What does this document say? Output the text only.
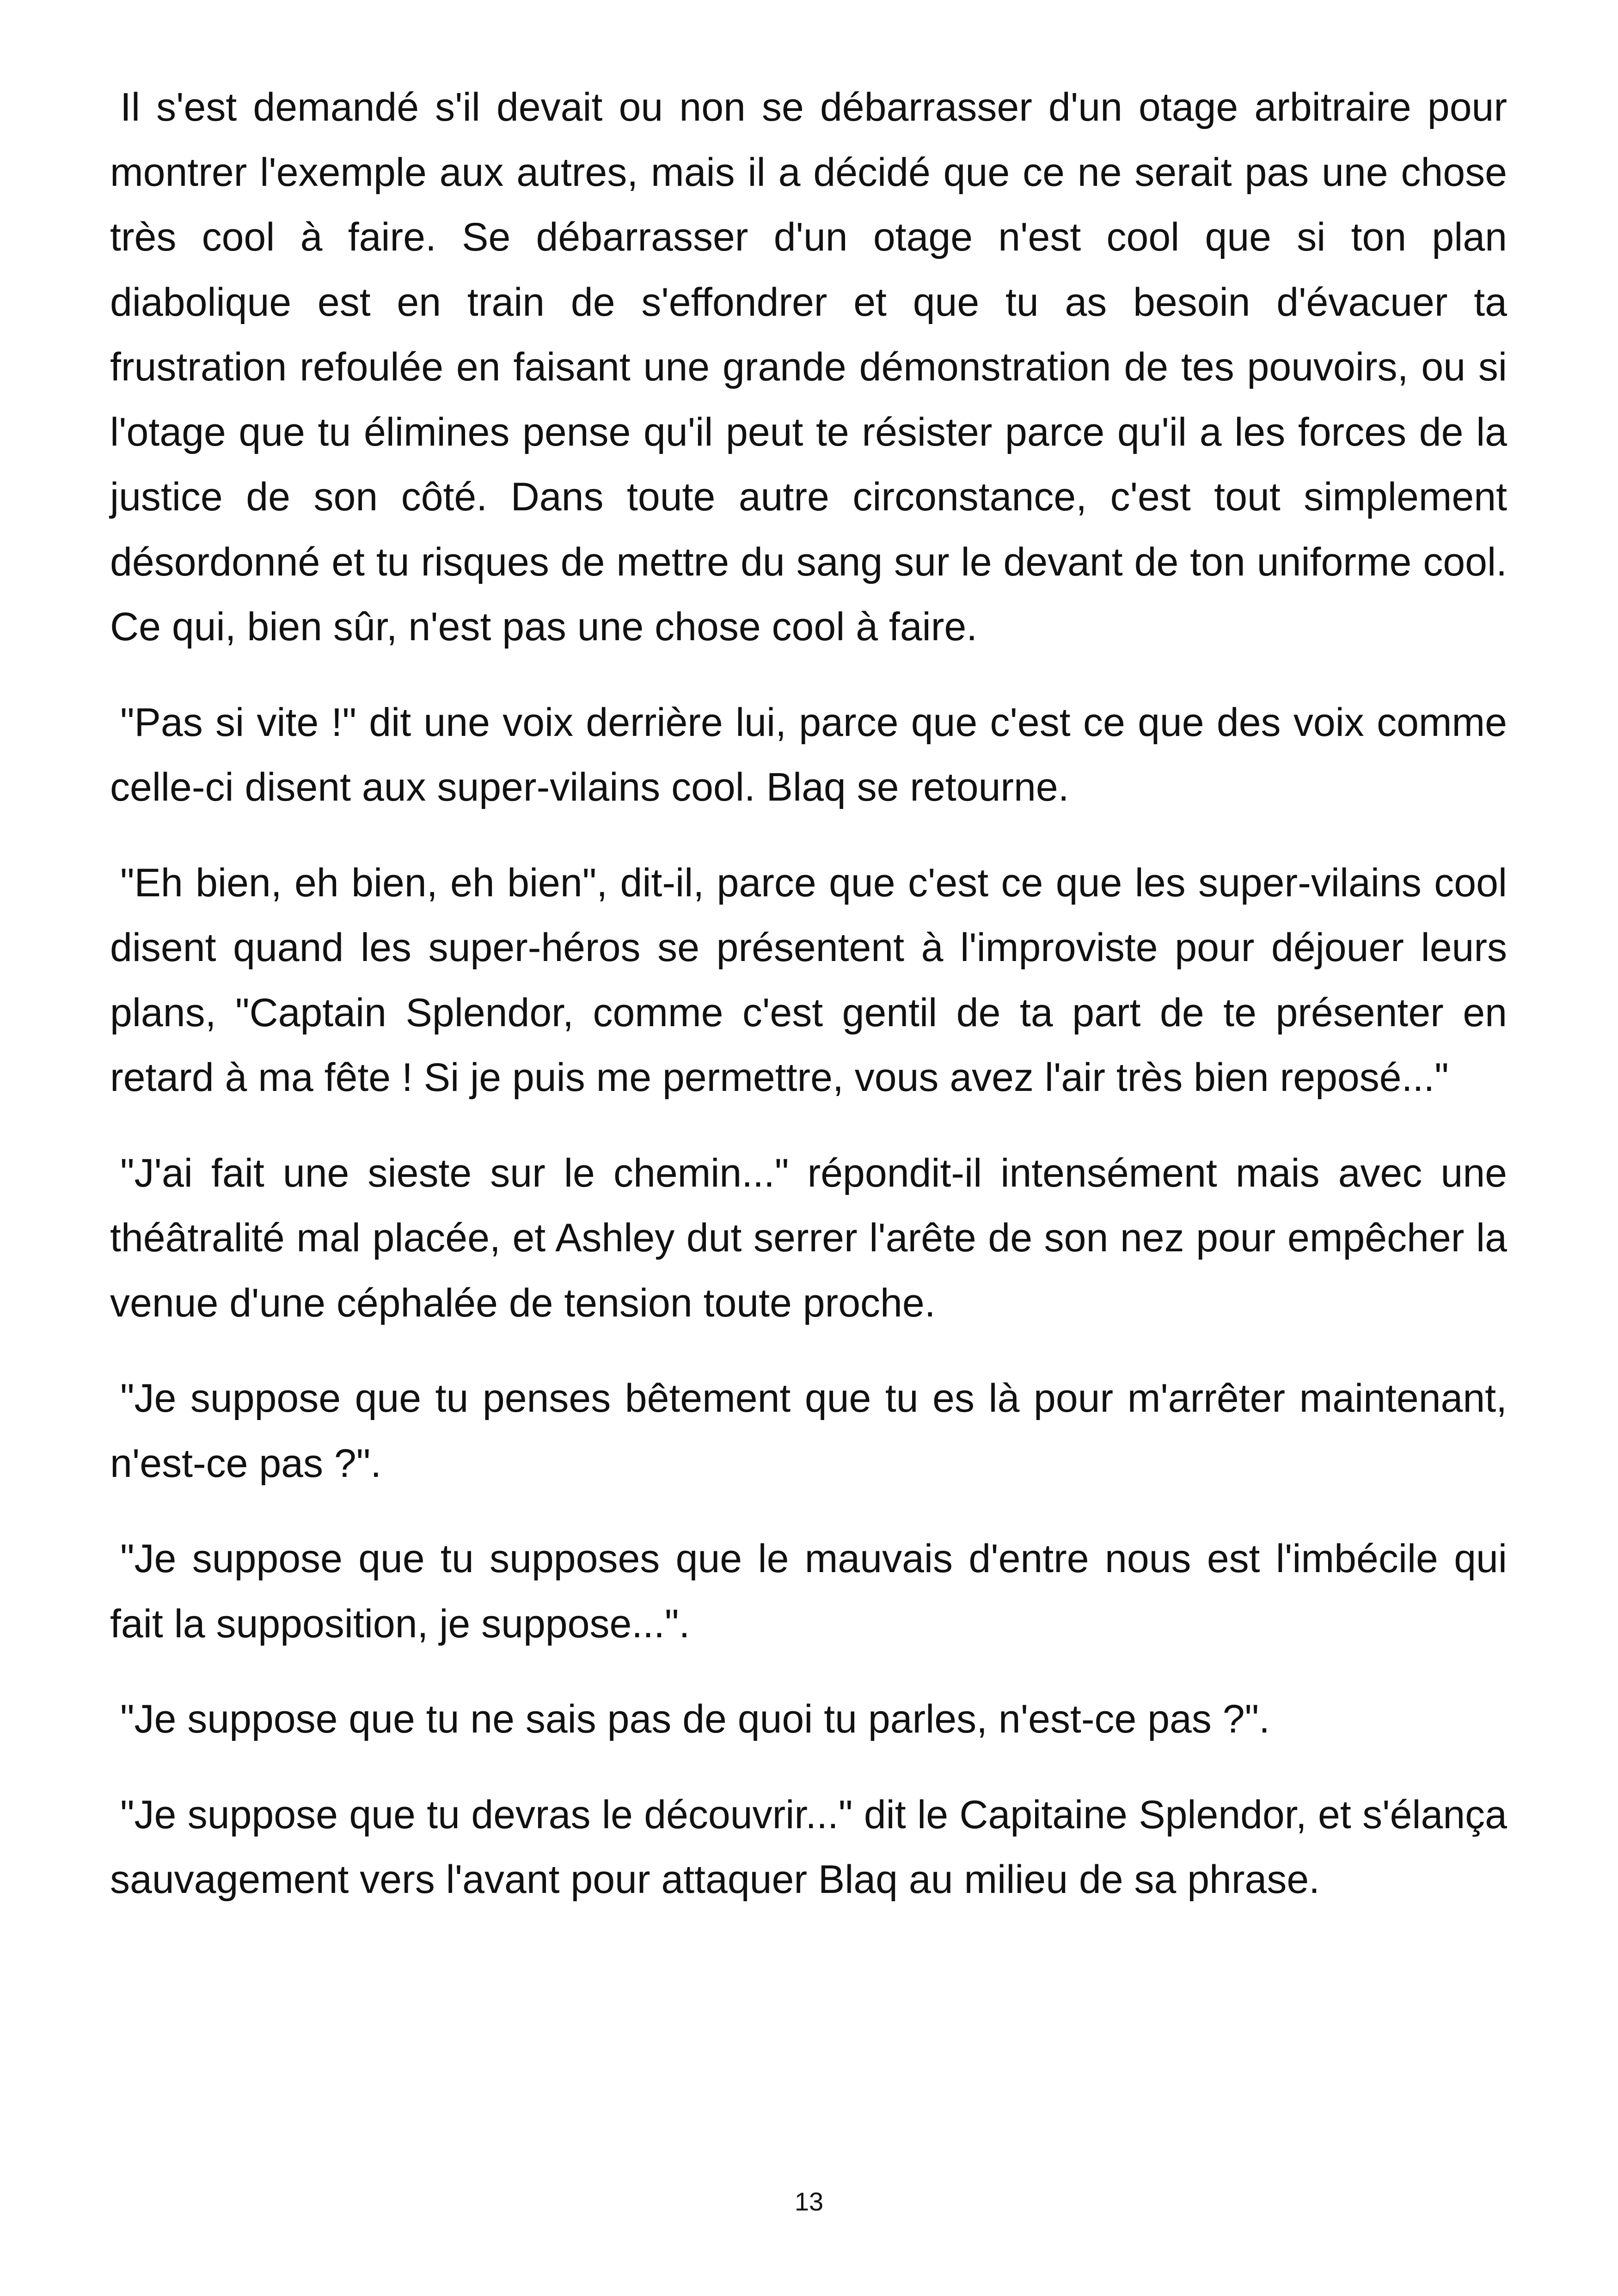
Il s'est demandé s'il devait ou non se débarrasser d'un otage arbitraire pour montrer l'exemple aux autres, mais il a décidé que ce ne serait pas une chose très cool à faire. Se débarrasser d'un otage n'est cool que si ton plan diabolique est en train de s'effondrer et que tu as besoin d'évacuer ta frustration refoulée en faisant une grande démonstration de tes pouvoirs, ou si l'otage que tu élimines pense qu'il peut te résister parce qu'il a les forces de la justice de son côté. Dans toute autre circonstance, c'est tout simplement désordonné et tu risques de mettre du sang sur le devant de ton uniforme cool. Ce qui, bien sûr, n'est pas une chose cool à faire.

"Pas si vite !" dit une voix derrière lui, parce que c'est ce que des voix comme celle-ci disent aux super-vilains cool. Blaq se retourne.

"Eh bien, eh bien, eh bien", dit-il, parce que c'est ce que les super-vilains cool disent quand les super-héros se présentent à l'improviste pour déjouer leurs plans, "Captain Splendor, comme c'est gentil de ta part de te présenter en retard à ma fête ! Si je puis me permettre, vous avez l'air très bien reposé..."

"J'ai fait une sieste sur le chemin..." répondit-il intensément mais avec une théâtralité mal placée, et Ashley dut serrer l'arête de son nez pour empêcher la venue d'une céphalée de tension toute proche.

"Je suppose que tu penses bêtement que tu es là pour m'arrêter maintenant, n'est-ce pas ?".

"Je suppose que tu supposes que le mauvais d'entre nous est l'imbécile qui fait la supposition, je suppose...".

"Je suppose que tu ne sais pas de quoi tu parles, n'est-ce pas ?".

"Je suppose que tu devras le découvrir..." dit le Capitaine Splendor, et s'élança sauvagement vers l'avant pour attaquer Blaq au milieu de sa phrase.

13
